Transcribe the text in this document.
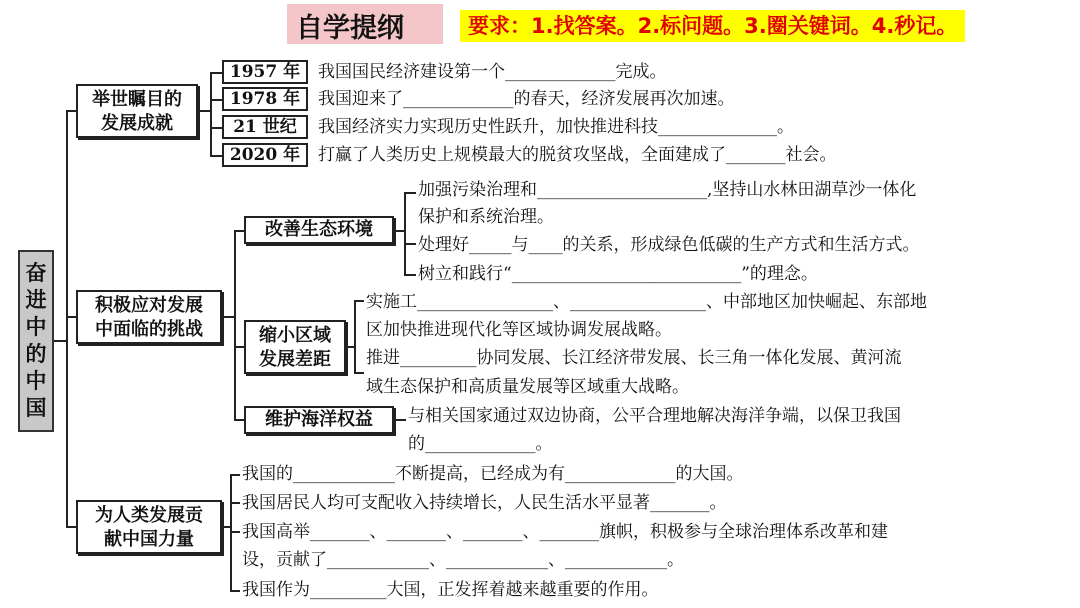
自学提纲	要求：1.找答案。2.标问题。3.圈关键词。4.秒记。
奋
进
中
的
中
国
举世瞩目的
发展成就
1957 年
1978 年
21 世纪
2020 年
我国国民经济建设第一个_____________完成。
我国迎来了_____________的春天，经济发展再次加速。
我国经济实力实现历史性跃升，加快推进科技______________。
打赢了人类历史上规模最大的脱贫攻坚战，全面建成了_______社会。
积极应对发展
中面临的挑战
改善生态环境
加强污染治理和____________________,坚持山水林田湖草沙一体化
保护和系统治理。
处理好_____与____的关系，形成绿色低碳的生产方式和生活方式。
树立和践行“___________________________”的理念。
缩小区域
发展差距
实施工________________、________________、中部地区加快崛起、东部地
区加快推进现代化等区域协调发展战略。
推进_________协同发展、长江经济带发展、长三角一体化发展、黄河流
域生态保护和高质量发展等区域重大战略。
维护海洋权益	与相关国家通过双边协商，公平合理地解决海洋争端，以保卫我国
的_____________。
为人类发展贡
献中国力量
我国的____________不断提高，已经成为有_____________的大国。
我国居民人均可支配收入持续增长，人民生活水平显著_______。
我国高举_______、_______、_______、_______旗帜，积极参与全球治理体系改革和建
设，贡献了____________、____________、____________。
我国作为_________大国，正发挥着越来越重要的作用。
